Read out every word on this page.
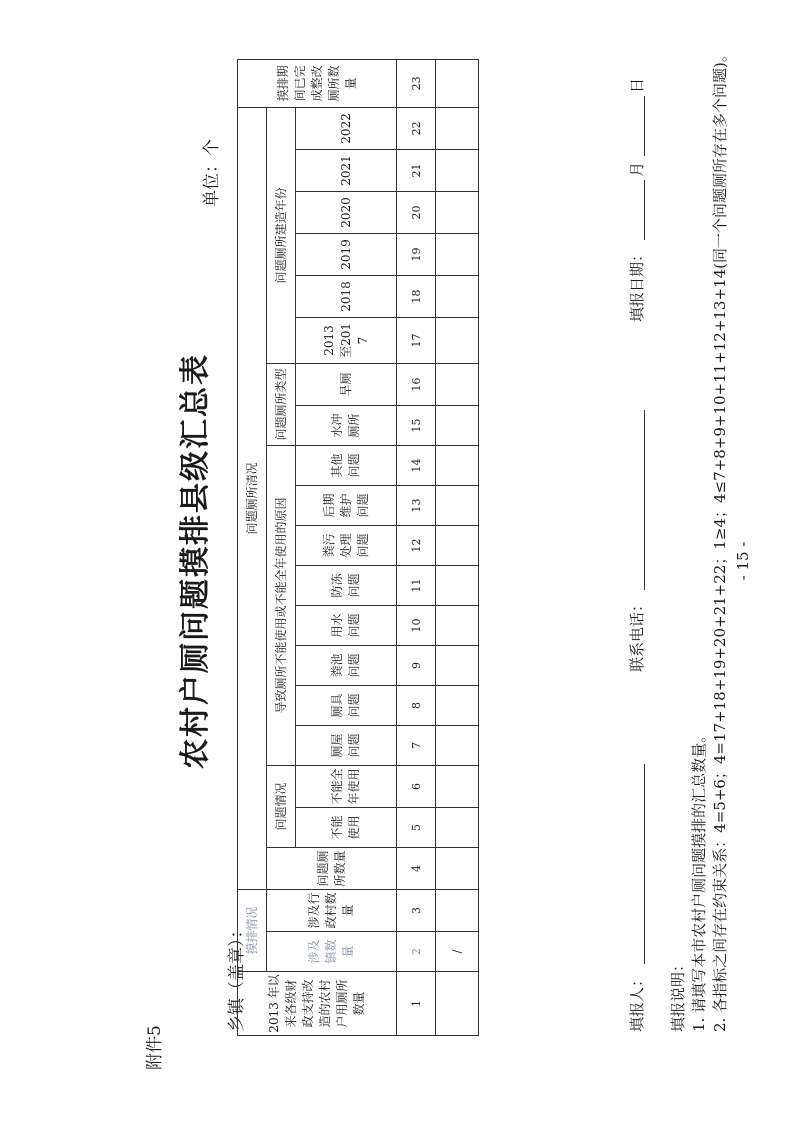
附件5
农村户厕问题摸排县级汇总表
乡镇（盖章）：
单位：个
2013 年以来各级财政支持改造的农村户用厕所数量	摸排情况		问题厕所清况																			摸排期间已完成整改厕所数量
	涉及镇数量	涉及行政村数量	问题厕所数量	问题情况		导致厕所不能使用或不能全年使用的原因								问题厕所类型		问题厕所建造年份						
				不能使用	不能全年使用	厕屋问题	厕具问题	粪池问题	用水问题	防冻问题	粪污处理问题	后期维护问题	其他问题	水冲厕所	旱厕	2013至2017	2018	2019	2020	2021	2022	
1	2	3	4	5	6	7	8	9	10	11	12	13	14	15	16	17	18	19	20	21	22	23
	/																					
填报人：
联系电话：
填报日期：
月
日
填报说明： 1. 请填写本市农村户厕问题摸排的汇总数量。 2. 各指标之间存在约束关系：4=5+6；4=17+18+19+20+21+22；1≥4；4≤7+8+9+10+11+12+13+14(同一个问题厕所存在多个问题)。 - 15 -
